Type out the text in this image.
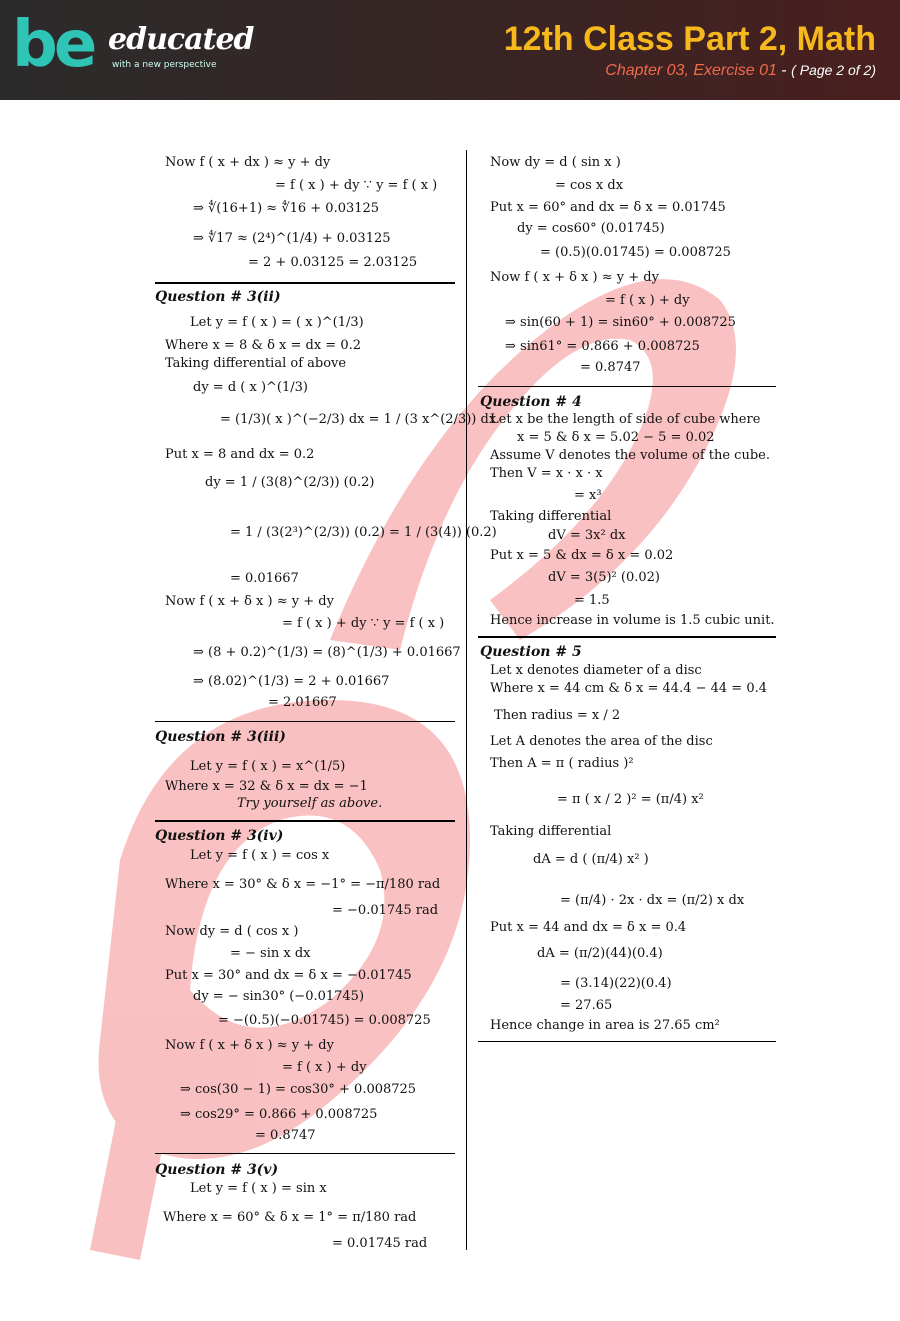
be educated
with a new perspective
12th Class Part 2, Math
Chapter 03, Exercise 01 - ( Page 2 of 2)
Now f ( x + dx ) ≈ y + dy
= f ( x ) + dy ∵ y = f ( x )
⇒ ∜(16+1) ≈ ∜16 + 0.03125
⇒ ∜17 ≈ (2⁴)^(1/4) + 0.03125
= 2 + 0.03125 = 2.03125
Let y = f ( x ) = ( x )^(1/3)
Where x = 8 & δ x = dx = 0.2
Taking differential of above
dy = d ( x )^(1/3)
= (1/3)( x )^(−2/3) dx = 1 / (3 x^(2/3)) dx
Put x = 8 and dx = 0.2
dy = 1 / (3(8)^(2/3)) (0.2)
= 1 / (3(2³)^(2/3)) (0.2) = 1 / (3(4)) (0.2)
= 0.01667
Now f ( x + δ x ) ≈ y + dy
= f ( x ) + dy ∵ y = f ( x )
⇒ (8 + 0.2)^(1/3) = (8)^(1/3) + 0.01667
⇒ (8.02)^(1/3) = 2 + 0.01667
= 2.01667
Let y = f ( x ) = x^(1/5)
Where x = 32 & δ x = dx = −1
Try yourself as above.
Let y = f ( x ) = cos x
Where x = 30° & δ x = −1° = −π/180 rad
= −0.01745 rad
Now dy = d ( cos x )
= − sin x dx
Put x = 30° and dx = δ x = −0.01745
dy = − sin30° (−0.01745)
= −(0.5)(−0.01745) = 0.008725
Now f ( x + δ x ) ≈ y + dy
= f ( x ) + dy
⇒ cos(30 − 1) = cos30° + 0.008725
⇒ cos29° = 0.866 + 0.008725
= 0.8747
Let y = f ( x ) = sin x
Where x = 60° & δ x = 1° = π/180 rad
= 0.01745 rad
Question # 3(ii)
Question # 3(iii)
Question # 3(iv)
Question # 3(v)
Now dy = d ( sin x )
= cos x dx
Put x = 60° and dx = δ x = 0.01745
dy = cos60° (0.01745)
= (0.5)(0.01745) = 0.008725
Now f ( x + δ x ) ≈ y + dy
= f ( x ) + dy
⇒ sin(60 + 1) = sin60° + 0.008725
⇒ sin61° = 0.866 + 0.008725
= 0.8747
Let x be the length of side of cube where
x = 5 & δ x = 5.02 − 5 = 0.02
Assume V denotes the volume of the cube.
Then V = x · x · x
= x³
Taking differential
dV = 3x² dx
Put x = 5 & dx = δ x = 0.02
dV = 3(5)² (0.02)
= 1.5
Hence increase in volume is 1.5 cubic unit.
Let x denotes diameter of a disc
Where x = 44 cm & δ x = 44.4 − 44 = 0.4
Then radius = x / 2
Let A denotes the area of the disc
Then A = π ( radius )²
= π ( x / 2 )² = (π/4) x²
Taking differential
dA = d ( (π/4) x² )
= (π/4) · 2x · dx = (π/2) x dx
Put x = 44 and dx = δ x = 0.4
dA = (π/2)(44)(0.4)
= (3.14)(22)(0.4)
= 27.65
Hence change in area is 27.65 cm²
Question # 4
Question # 5
